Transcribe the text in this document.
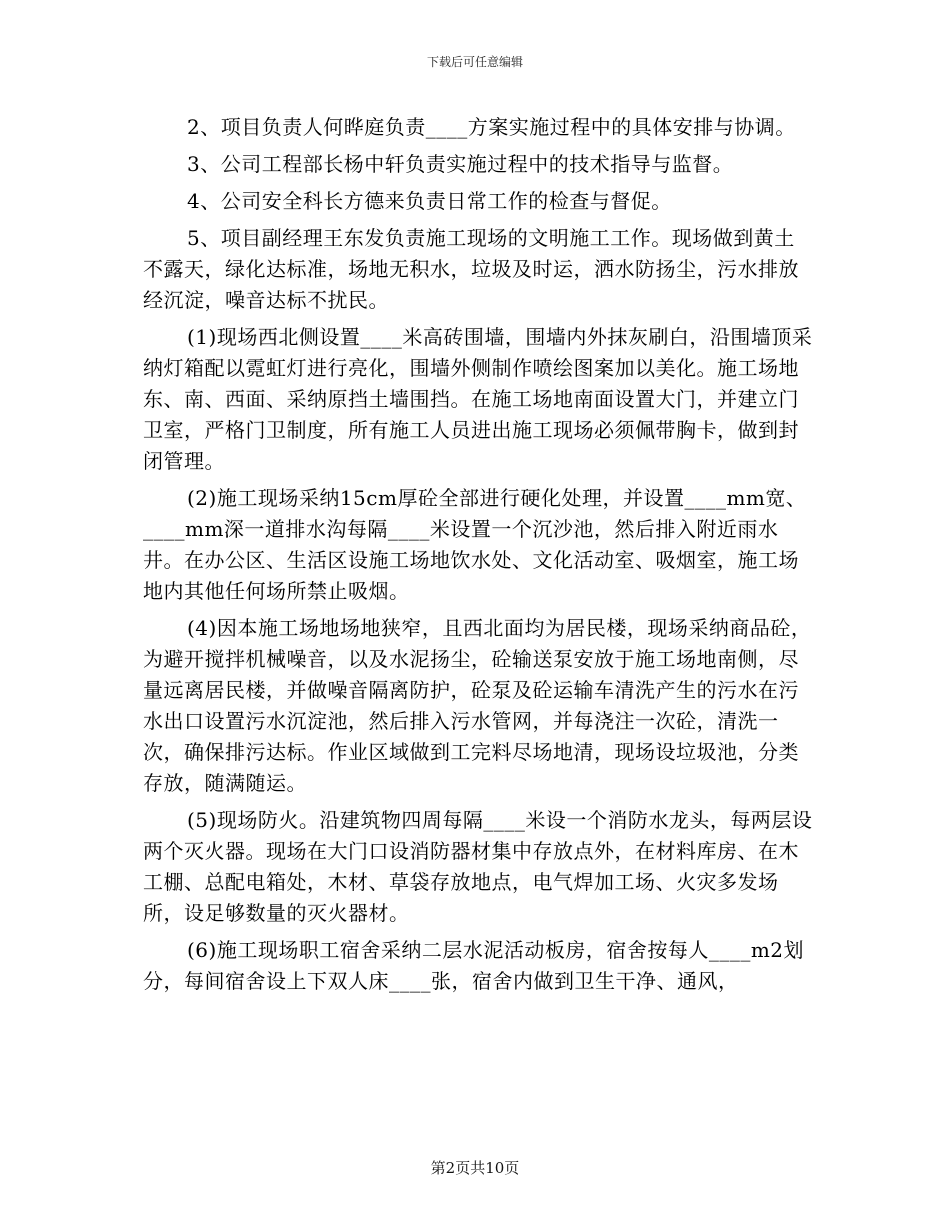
下载后可任意编辑

2、项目负责人何晔庭负责____方案实施过程中的具体安排与协调。

3、公司工程部长杨中轩负责实施过程中的技术指导与监督。

4、公司安全科长方德来负责日常工作的检查与督促。

5、项目副经理王东发负责施工现场的文明施工工作。现场做到黄土不露天，绿化达标准，场地无积水，垃圾及时运，洒水防扬尘，污水排放经沉淀，噪音达标不扰民。

(1)现场西北侧设置____米高砖围墙，围墙内外抹灰刷白，沿围墙顶采纳灯箱配以霓虹灯进行亮化，围墙外侧制作喷绘图案加以美化。施工场地东、南、西面、采纳原挡土墙围挡。在施工场地南面设置大门，并建立门卫室，严格门卫制度，所有施工人员进出施工现场必须佩带胸卡，做到封闭管理。

(2)施工现场采纳15cm厚砼全部进行硬化处理，并设置____mm宽、____mm深一道排水沟每隔____米设置一个沉沙池，然后排入附近雨水井。在办公区、生活区设施工场地饮水处、文化活动室、吸烟室，施工场地内其他任何场所禁止吸烟。

(4)因本施工场地场地狭窄，且西北面均为居民楼，现场采纳商品砼，为避开搅拌机械噪音，以及水泥扬尘，砼输送泵安放于施工场地南侧，尽量远离居民楼，并做噪音隔离防护，砼泵及砼运输车清洗产生的污水在污水出口设置污水沉淀池，然后排入污水管网，并每浇注一次砼，清洗一次，确保排污达标。作业区域做到工完料尽场地清，现场设垃圾池，分类存放，随满随运。

(5)现场防火。沿建筑物四周每隔____米设一个消防水龙头，每两层设两个灭火器。现场在大门口设消防器材集中存放点外，在材料库房、在木工棚、总配电箱处，木材、草袋存放地点，电气焊加工场、火灾多发场所，设足够数量的灭火器材。

(6)施工现场职工宿舍采纳二层水泥活动板房，宿舍按每人____m2划分，每间宿舍设上下双人床____张，宿舍内做到卫生干净、通风，

第2页共10页
